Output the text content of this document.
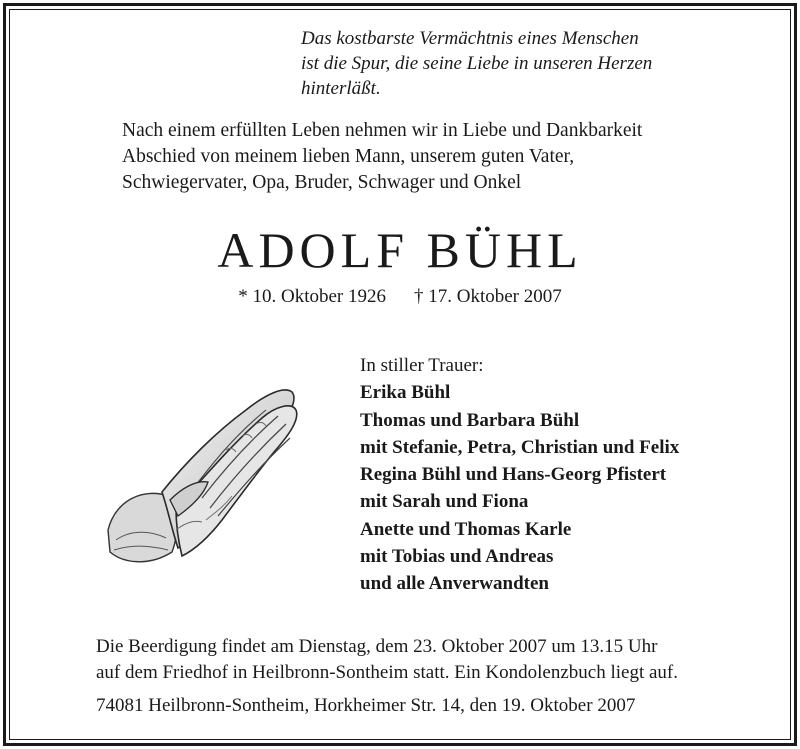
Das kostbarste Vermächtnis eines Menschen
ist die Spur, die seine Liebe in unseren Herzen
hinterläßt.
Nach einem erfüllten Leben nehmen wir in Liebe und Dankbarkeit
Abschied von meinem lieben Mann, unserem guten Vater,
Schwiegervater, Opa, Bruder, Schwager und Onkel
ADOLF BÜHL
* 10. Oktober 1926 † 17. Oktober 2007
In stiller Trauer:
Erika Bühl
Thomas und Barbara Bühl
mit Stefanie, Petra, Christian und Felix
Regina Bühl und Hans-Georg Pfistert
mit Sarah und Fiona
Anette und Thomas Karle
mit Tobias und Andreas
und alle Anverwandten
Die Beerdigung findet am Dienstag, dem 23. Oktober 2007 um 13.15 Uhr
auf dem Friedhof in Heilbronn-Sontheim statt. Ein Kondolenzbuch liegt auf.
74081 Heilbronn-Sontheim, Horkheimer Str. 14, den 19. Oktober 2007
